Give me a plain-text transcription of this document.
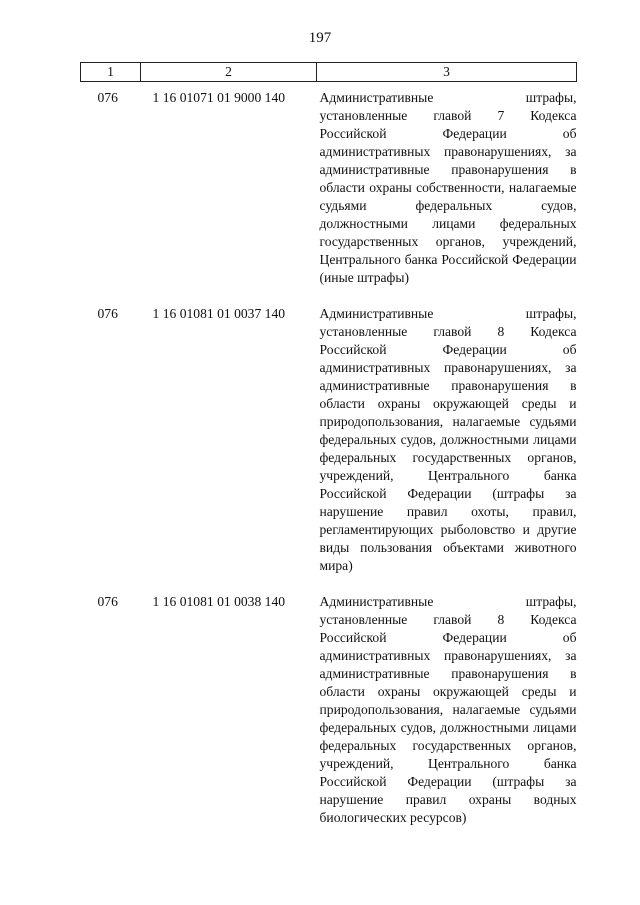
197
1	2	3
076	1 16 01071 01 9000 140	Административные штрафы, установленные главой 7 Кодекса Российской Федерации об административных правонарушениях, за административные правонарушения в области охраны собственности, налагаемые судьями федеральных судов, должностными лицами федеральных государственных органов, учреждений, Центрального банка Российской Федерации (иные штрафы)

076	1 16 01081 01 0037 140	Административные штрафы, установленные главой 8 Кодекса Российской Федерации об административных правонарушениях, за административные правонарушения в области охраны окружающей среды и природопользования, налагаемые судьями федеральных судов, должностными лицами федеральных государственных органов, учреждений, Центрального банка Российской Федерации (штрафы за нарушение правил охоты, правил, регламентирующих рыболовство и другие виды пользования объектами животного мира)

076	1 16 01081 01 0038 140	Административные штрафы, установленные главой 8 Кодекса Российской Федерации об административных правонарушениях, за административные правонарушения в области охраны окружающей среды и природопользования, налагаемые судьями федеральных судов, должностными лицами федеральных государственных органов, учреждений, Центрального банка Российской Федерации (штрафы за нарушение правил охраны водных биологических ресурсов)
